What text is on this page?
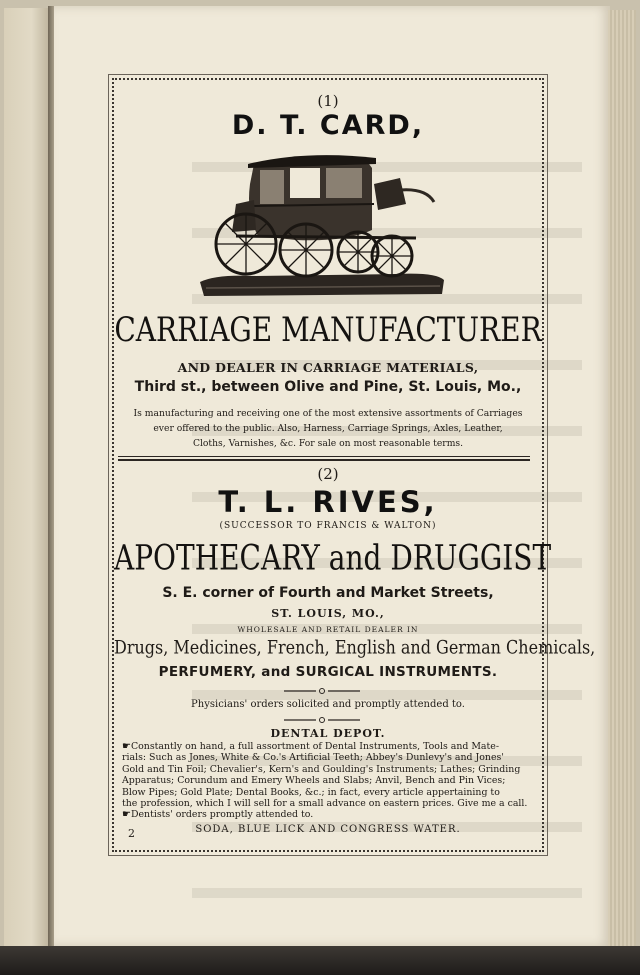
(1)
D. T. CARD,
CARRIAGE MANUFACTURER
AND DEALER IN CARRIAGE MATERIALS,
Third st., between Olive and Pine, St. Louis, Mo.,
Is manufacturing and receiving one of the most extensive assortments of Carriages
ever offered to the public. Also, Harness, Carriage Springs, Axles, Leather,
Cloths, Varnishes, &c. For sale on most reasonable terms.
(2)
T. L. RIVES,
(SUCCESSOR TO FRANCIS & WALTON)
APOTHECARY and DRUGGIST
S. E. corner of Fourth and Market Streets,
ST. LOUIS, MO.,
WHOLESALE AND RETAIL DEALER IN
Drugs, Medicines, French, English and German Chemicals,
PERFUMERY, and SURGICAL INSTRUMENTS.
Physicians' orders solicited and promptly attended to.
DENTAL DEPOT.
☛Constantly on hand, a full assortment of Dental Instruments, Tools and Mate-
rials: Such as Jones, White & Co.'s Artificial Teeth; Abbey's Dunlevy's and Jones'
Gold and Tin Foil; Chevalier's, Kern's and Goulding's Instruments; Lathes; Grinding
Apparatus; Corundum and Emery Wheels and Slabs; Anvil, Bench and Pin Vices;
Blow Pipes; Gold Plate; Dental Books, &c.; in fact, every article appertaining to
the profession, which I will sell for a small advance on eastern prices. Give me a call.
☛Dentists' orders promptly attended to.
2	SODA, BLUE LICK AND CONGRESS WATER.
